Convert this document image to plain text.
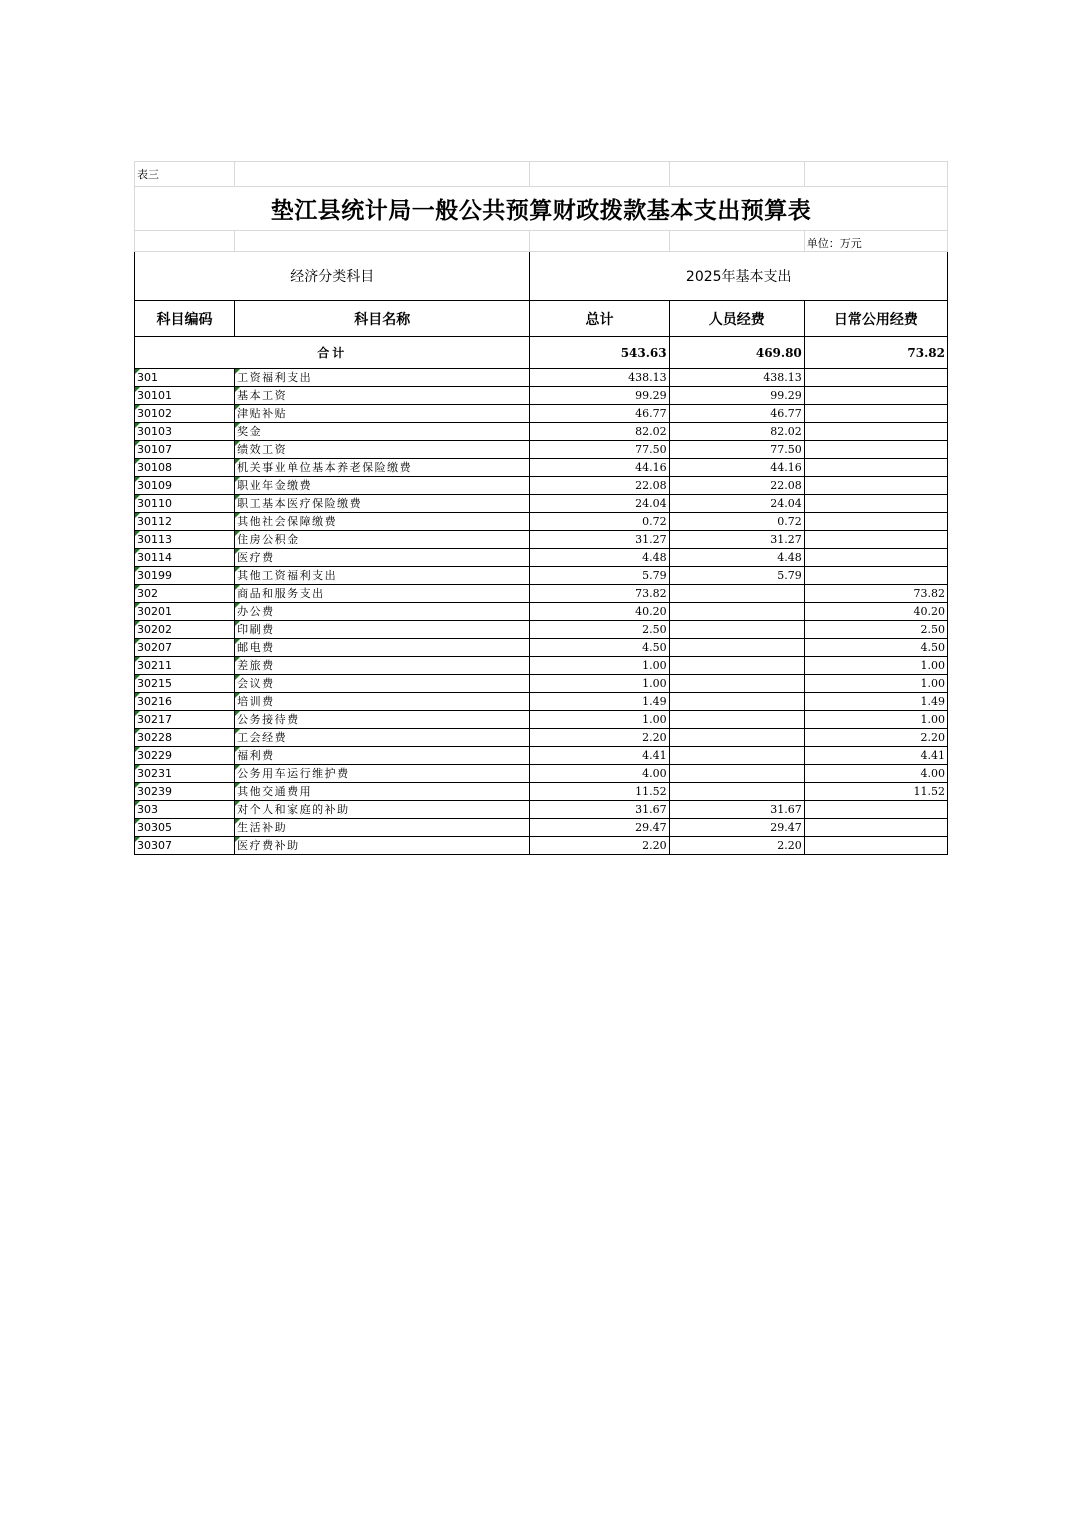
表三				
垫江县统计局一般公共预算财政拨款基本支出预算表				
				单位：万元
经济分类科目		2025年基本支出		
科目编码	科目名称	总计	人员经费	日常公用经费
合计		543.63	469.80	73.82
301	工资福利支出	438.13	438.13	
30101	基本工资	99.29	99.29	
30102	津贴补贴	46.77	46.77	
30103	奖金	82.02	82.02	
30107	绩效工资	77.50	77.50	
30108	机关事业单位基本养老保险缴费	44.16	44.16	
30109	职业年金缴费	22.08	22.08	
30110	职工基本医疗保险缴费	24.04	24.04	
30112	其他社会保障缴费	0.72	0.72	
30113	住房公积金	31.27	31.27	
30114	医疗费	4.48	4.48	
30199	其他工资福利支出	5.79	5.79	
302	商品和服务支出	73.82		73.82
30201	办公费	40.20		40.20
30202	印刷费	2.50		2.50
30207	邮电费	4.50		4.50
30211	差旅费	1.00		1.00
30215	会议费	1.00		1.00
30216	培训费	1.49		1.49
30217	公务接待费	1.00		1.00
30228	工会经费	2.20		2.20
30229	福利费	4.41		4.41
30231	公务用车运行维护费	4.00		4.00
30239	其他交通费用	11.52		11.52
303	对个人和家庭的补助	31.67	31.67	
30305	生活补助	29.47	29.47	
30307	医疗费补助	2.20	2.20	
